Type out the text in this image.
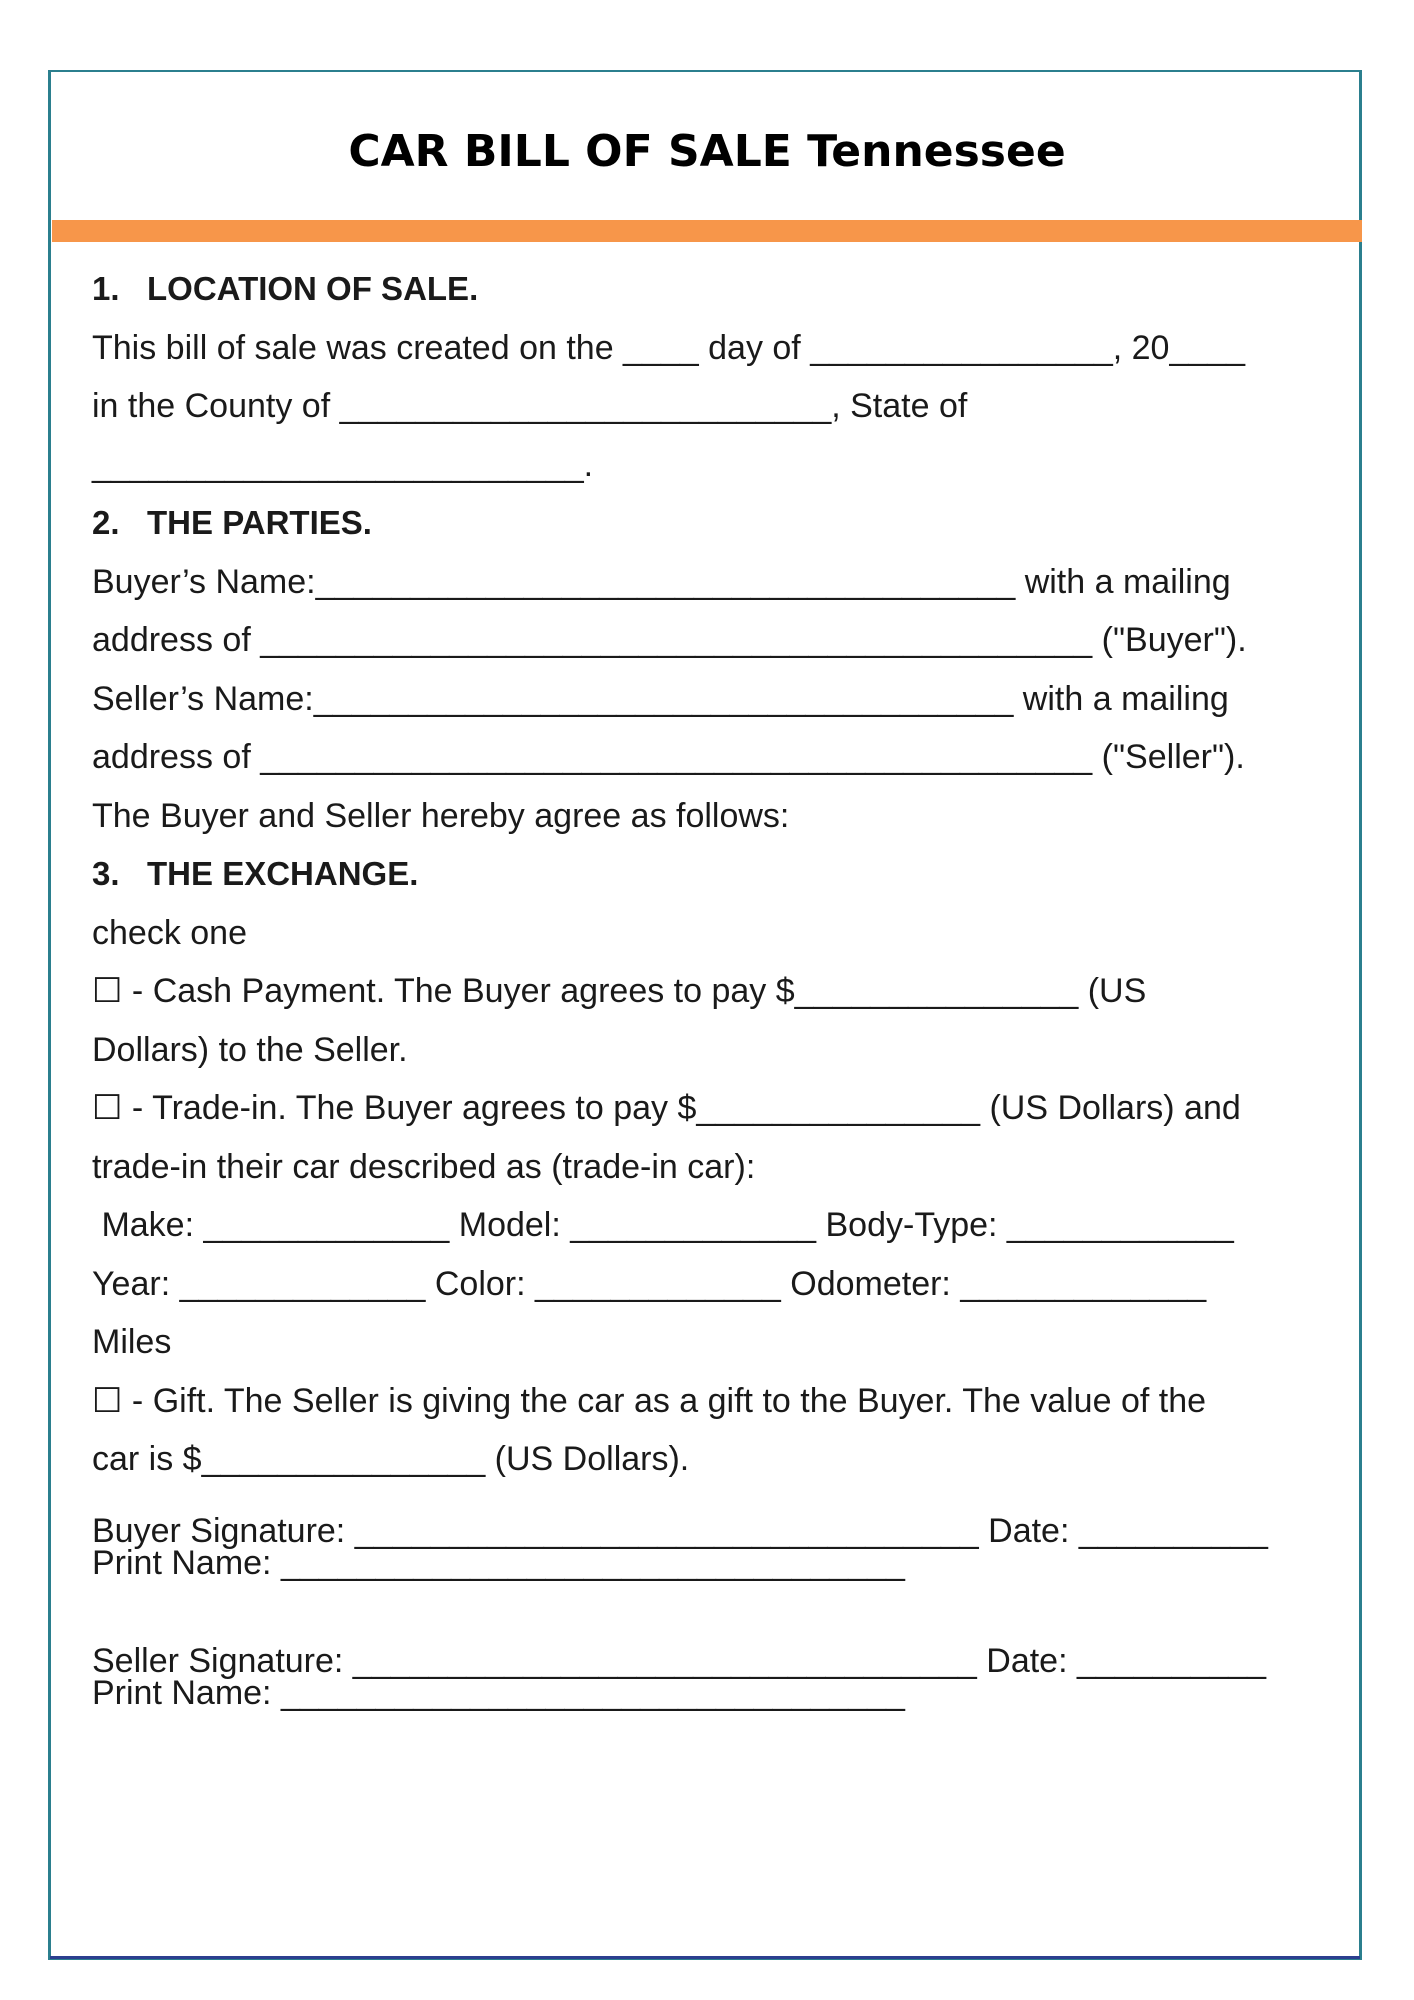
CAR BILL OF SALE Tennessee
1.   LOCATION OF SALE.
This bill of sale was created on the ____ day of ________________, 20____
in the County of __________________________, State of
__________________________.
2.   THE PARTIES.
Buyer’s Name:_____________________________________ with a mailing
address of ____________________________________________ ("Buyer").
Seller’s Name:_____________________________________ with a mailing
address of ____________________________________________ ("Seller").
The Buyer and Seller hereby agree as follows:
3.   THE EXCHANGE.
check one
☐ - Cash Payment. The Buyer agrees to pay $_______________ (US
Dollars) to the Seller.
☐ - Trade-in. The Buyer agrees to pay $_______________ (US Dollars) and
trade-in their car described as (trade-in car):
Make: _____________ Model: _____________ Body-Type: ____________
Year: _____________ Color: _____________ Odometer: _____________
Miles
☐ - Gift. The Seller is giving the car as a gift to the Buyer. The value of the
car is $_______________ (US Dollars).
Buyer Signature: _________________________________ Date: __________
Print Name: _________________________________
Seller Signature: _________________________________ Date: __________
Print Name: _________________________________
